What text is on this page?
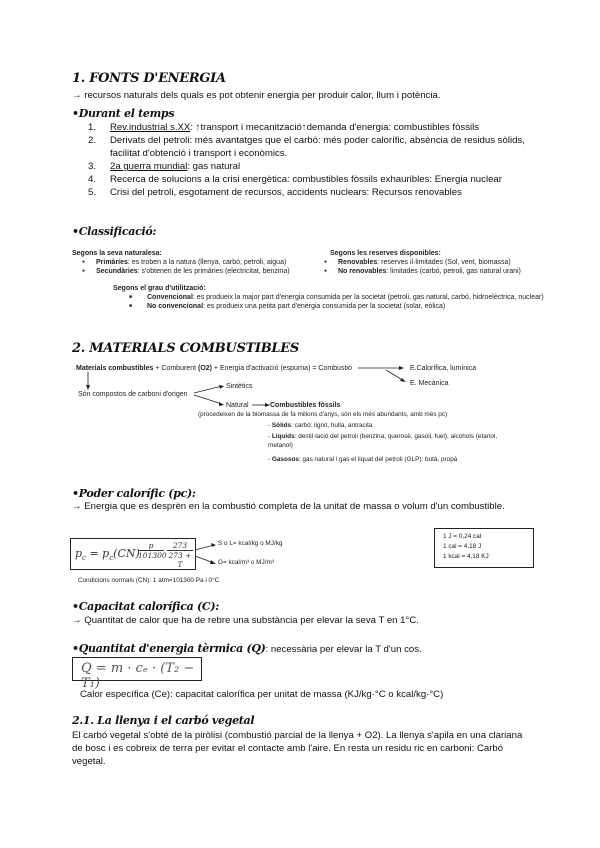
1. FONTS D'ENERGIA
→ recursos naturals dels quals es pot obtenir energia per produir calor, llum i potència.
•Durant el temps
1. Rev.industrial s.XX: ↑transport i mecanització↑demanda d'energia: combustibles fòssils
2. Derivats del petroli: més avantatges que el carbó: més poder calorífic, absència de residus sòlids, facilitat d'obtenció i transport i econòmics.
3. 2a guerra mundial: gas natural
4. Recerca de solucions a la crisi energètica: combustibles fòssils exhauribles: Energia nuclear
5. Crisi del petroli, esgotament de recursos, accidents nuclears: Recursos renovables
•Classificació:
Segons la seva naturalesa:
● Primàries: es troben a la natura (llenya, carbó, petroli, aigua)
● Secundàries: s'obtenen de les primàries (electricitat, benzina)
Segons les reserves disponibles:
● Renovables: reserves il·limitades (Sol, vent, biomassa)
● No renovables: limitades (carbó, petroli, gas natural urani)
Segons el grau d'utilització:
■ Convencional: es produeix la major part d'energia consumida per la societat (petroli, gas natural, carbó, hidroelèctrica, nuclear)
■ No convencional: es produeix una petita part d'energia consumida per la societat (solar, eòlica)
2. MATERIALS COMBUSTIBLES
Materials combustibles + Comburent (O2) + Energia d'activació (espurna) = Combustió	E.Calorífica, lumínica
Són compostos de carboni d'origen
E. Mecànica
Sintètics
Natural	Combustibles fòssils
(procedeixen de la biomassa de fa milions d'anys, són els més abundants, amb més pc)
- Sòlids: carbó: lignit, hulla, antracita
- Líquids: destil·lació del petroli (benzina, querosè, gasoil, fuel), alcohols (etanol, metanol)
- Gasosos: gas natural i gas el liquat del petroli (GLP): butà, propà
•Poder calorífic (pc):
→ Energia que es desprèn en la combustió completa de la unitat de massa o volum d'un combustible.
$p_c = p_c(CN)$
p
101300
273
273 + T
S o L= kcal/kg o MJ/kg
G= kcal/m³ o MJ/m³
Condicions normals (CN): 1 atm=101300 Pa i 0°C
1 J = 0,24 cal
1 cal = 4,18 J
1 kcal = 4,18 KJ
•Capacitat calorífica (C):
→ Quantitat de calor que ha de rebre una substància per elevar la seva T en 1°C.
•Quantitat d'energia tèrmica (Q): necessària per elevar la T d'un cos.
Q = m · cₑ · (T₂ − T₁)
Calor específica (Ce): capacitat calorífica per unitat de massa (KJ/kg·°C o kcal/kg·°C)
2.1. La llenya i el carbó vegetal
El carbó vegetal s'obté de la piròlisi (combustió parcial de la llenya + O2). La llenya s'apila en una clariana de bosc i es cobreix de terra per evitar el contacte amb l'aire. En resta un residu ric en carboni: Carbó vegetal.
